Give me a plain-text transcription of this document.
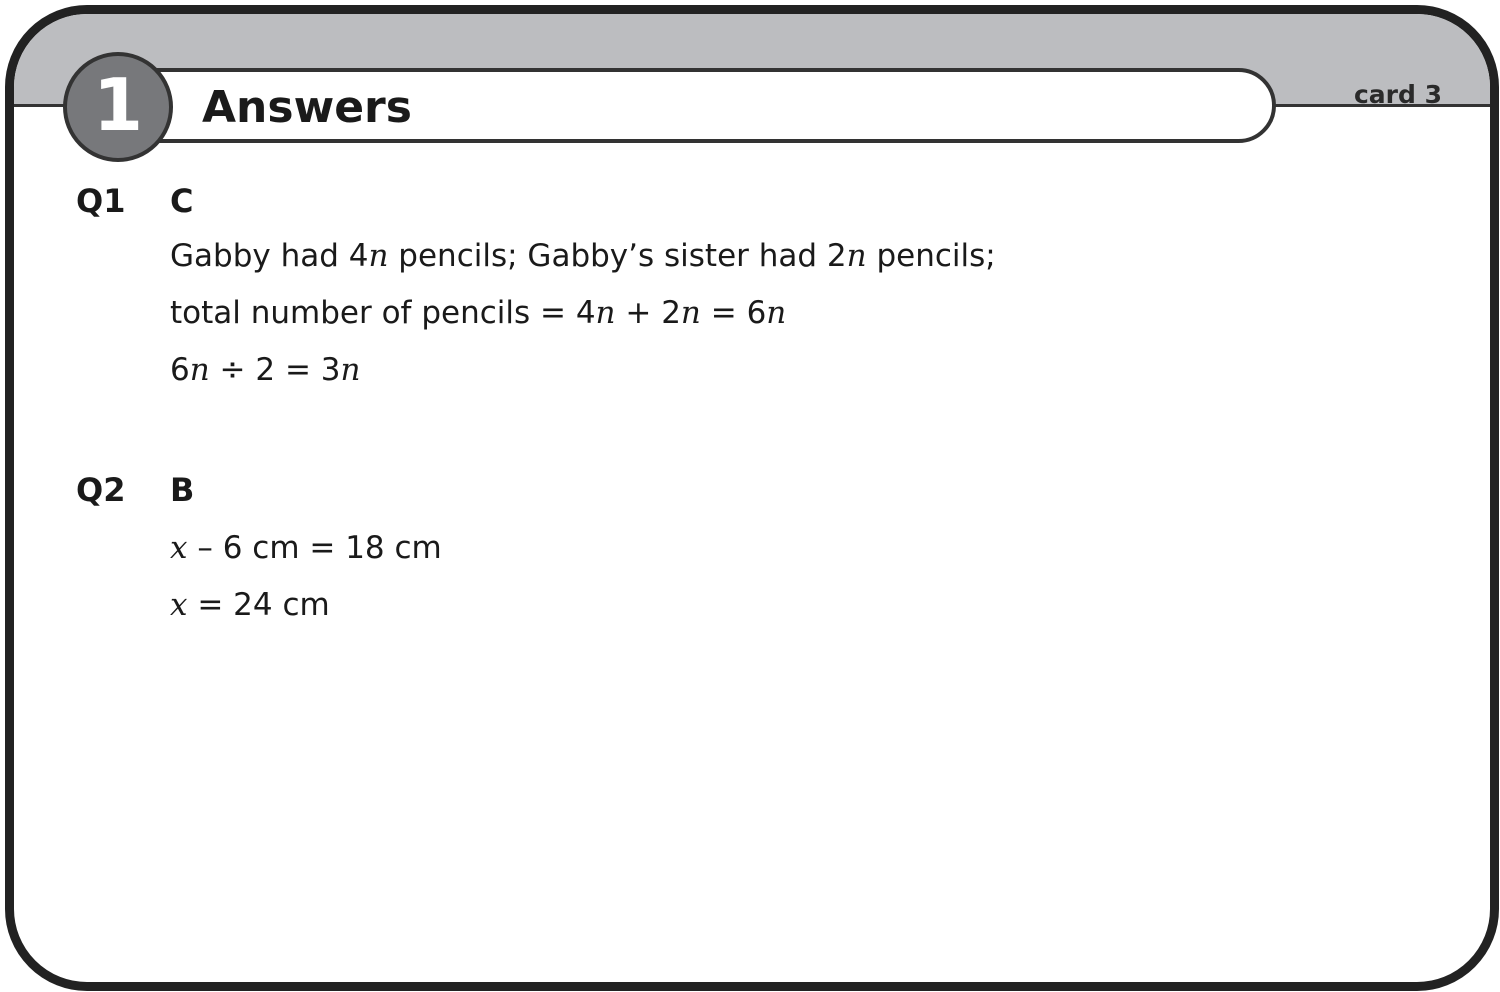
Answers
1	card 3
Q1 C
Gabby had 4n pencils; Gabby’s sister had 2n pencils;
total number of pencils = 4n + 2n = 6n
6n ÷ 2 = 3n
Q2 B
x – 6 cm = 18 cm
x = 24 cm
